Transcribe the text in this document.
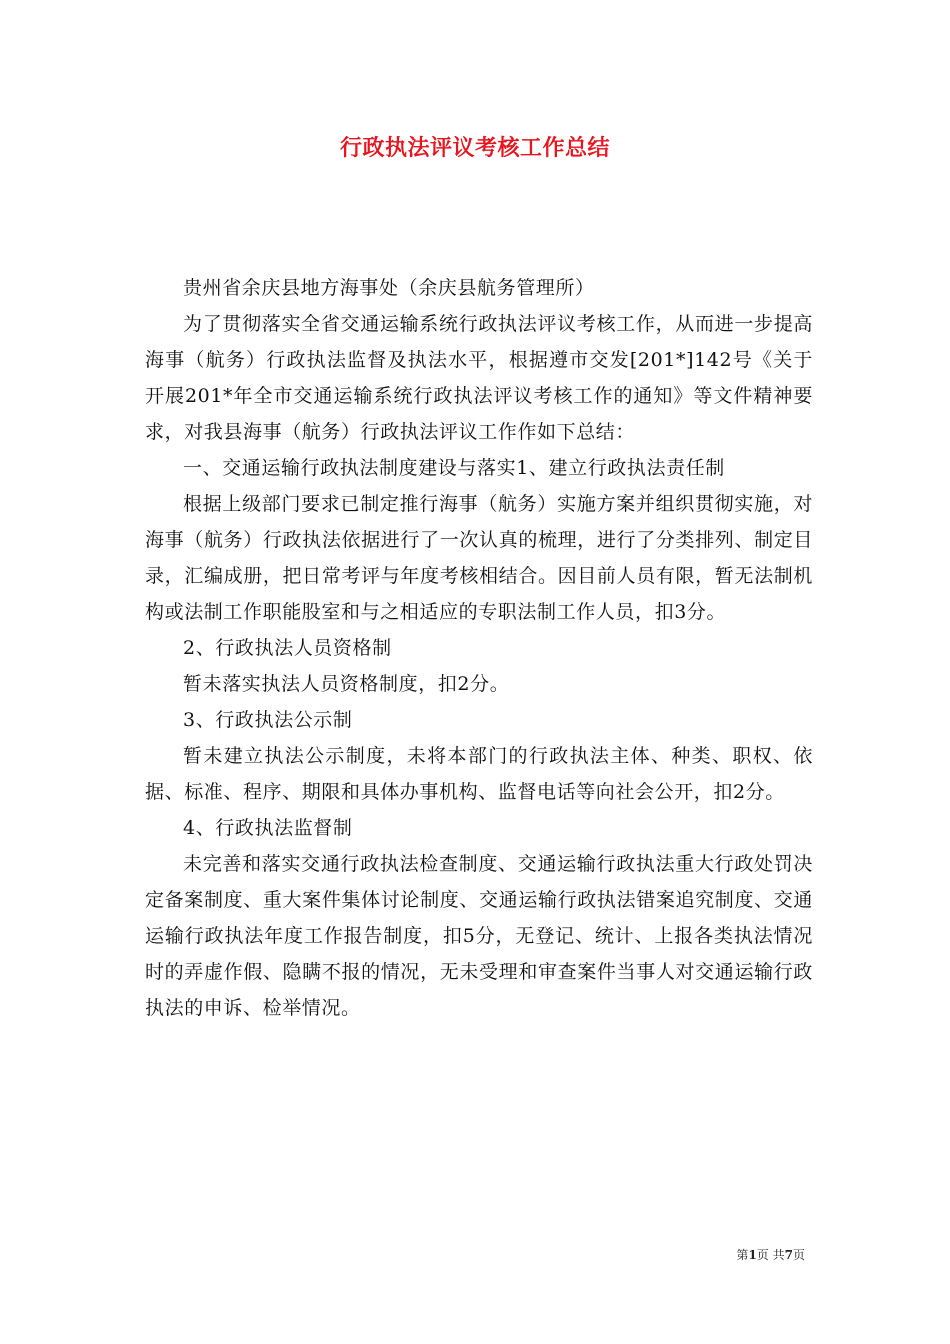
行政执法评议考核工作总结

贵州省余庆县地方海事处（余庆县航务管理所）

为了贯彻落实全省交通运输系统行政执法评议考核工作，从而进一步提高海事（航务）行政执法监督及执法水平，根据遵市交发[201*]142号《关于开展201*年全市交通运输系统行政执法评议考核工作的通知》等文件精神要求，对我县海事（航务）行政执法评议工作作如下总结：

一、交通运输行政执法制度建设与落实1、建立行政执法责任制

根据上级部门要求已制定推行海事（航务）实施方案并组织贯彻实施，对海事（航务）行政执法依据进行了一次认真的梳理，进行了分类排列、制定目录，汇编成册，把日常考评与年度考核相结合。因目前人员有限，暂无法制机构或法制工作职能股室和与之相适应的专职法制工作人员，扣3分。

2、行政执法人员资格制

暂未落实执法人员资格制度，扣2分。

3、行政执法公示制

暂未建立执法公示制度，未将本部门的行政执法主体、种类、职权、依据、标准、程序、期限和具体办事机构、监督电话等向社会公开，扣2分。

4、行政执法监督制

未完善和落实交通行政执法检查制度、交通运输行政执法重大行政处罚决定备案制度、重大案件集体讨论制度、交通运输行政执法错案追究制度、交通运输行政执法年度工作报告制度，扣5分，无登记、统计、上报各类执法情况时的弄虚作假、隐瞒不报的情况，无未受理和审查案件当事人对交通运输行政执法的申诉、检举情况。

第1页 共7页
